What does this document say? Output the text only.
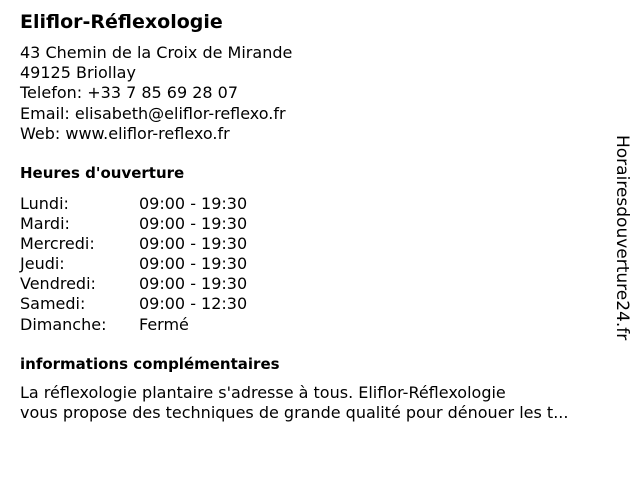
Eliflor-Réflexologie
43 Chemin de la Croix de Mirande
49125 Briollay
Telefon: +33 7 85 69 28 07
Email: elisabeth@eliflor-reflexo.fr
Web: www.eliflor-reflexo.fr
Heures d'ouverture
Lundi:	09:00 - 19:30
Mardi:	09:00 - 19:30
Mercredi:	09:00 - 19:30
Jeudi:	09:00 - 19:30
Vendredi:	09:00 - 19:30
Samedi:	09:00 - 12:30
Dimanche: Fermé
informations complémentaires
La réflexologie plantaire s'adresse à tous. Eliflor-Réflexologie
vous propose des techniques de grande qualité pour dénouer les t...
Horairesdouverture24.fr
